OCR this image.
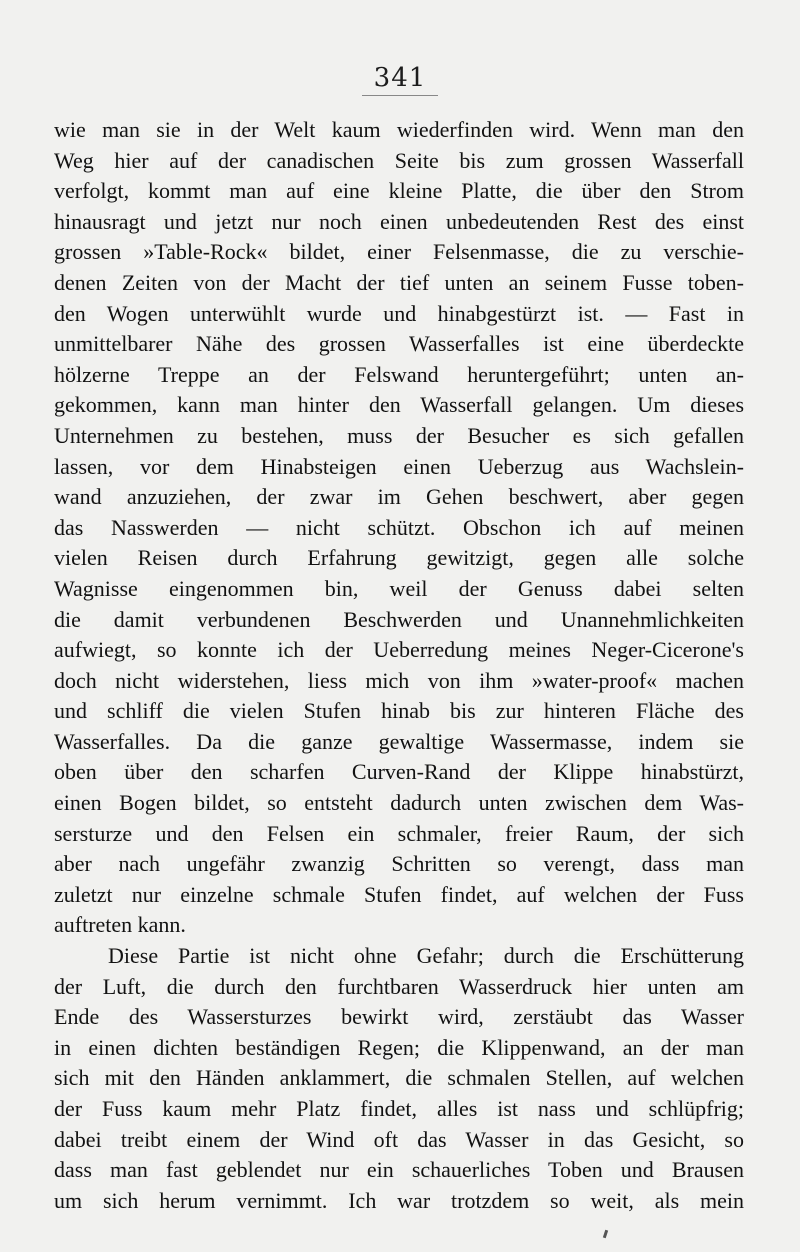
341
wie man sie in der Welt kaum wiederfinden wird. Wenn man den
Weg hier auf der canadischen Seite bis zum grossen Wasserfall
verfolgt, kommt man auf eine kleine Platte, die über den Strom
hinausragt und jetzt nur noch einen unbedeutenden Rest des einst
grossen »Table-Rock« bildet, einer Felsenmasse, die zu verschie-
denen Zeiten von der Macht der tief unten an seinem Fusse toben-
den Wogen unterwühlt wurde und hinabgestürzt ist. — Fast in
unmittelbarer Nähe des grossen Wasserfalles ist eine überdeckte
hölzerne Treppe an der Felswand heruntergeführt; unten an-
gekommen, kann man hinter den Wasserfall gelangen. Um dieses
Unternehmen zu bestehen, muss der Besucher es sich gefallen
lassen, vor dem Hinabsteigen einen Ueberzug aus Wachslein-
wand anzuziehen, der zwar im Gehen beschwert, aber gegen
das Nasswerden — nicht schützt. Obschon ich auf meinen
vielen Reisen durch Erfahrung gewitzigt, gegen alle solche
Wagnisse eingenommen bin, weil der Genuss dabei selten
die damit verbundenen Beschwerden und Unannehmlichkeiten
aufwiegt, so konnte ich der Ueberredung meines Neger-Cicerone's
doch nicht widerstehen, liess mich von ihm »water-proof« machen
und schliff die vielen Stufen hinab bis zur hinteren Fläche des
Wasserfalles. Da die ganze gewaltige Wassermasse, indem sie
oben über den scharfen Curven-Rand der Klippe hinabstürzt,
einen Bogen bildet, so entsteht dadurch unten zwischen dem Was-
sersturze und den Felsen ein schmaler, freier Raum, der sich
aber nach ungefähr zwanzig Schritten so verengt, dass man
zuletzt nur einzelne schmale Stufen findet, auf welchen der Fuss
auftreten kann.
Diese Partie ist nicht ohne Gefahr; durch die Erschütterung
der Luft, die durch den furchtbaren Wasserdruck hier unten am
Ende des Wassersturzes bewirkt wird, zerstäubt das Wasser
in einen dichten beständigen Regen; die Klippenwand, an der man
sich mit den Händen anklammert, die schmalen Stellen, auf welchen
der Fuss kaum mehr Platz findet, alles ist nass und schlüpfrig;
dabei treibt einem der Wind oft das Wasser in das Gesicht, so
dass man fast geblendet nur ein schauerliches Toben und Brausen
um sich herum vernimmt. Ich war trotzdem so weit, als mein
